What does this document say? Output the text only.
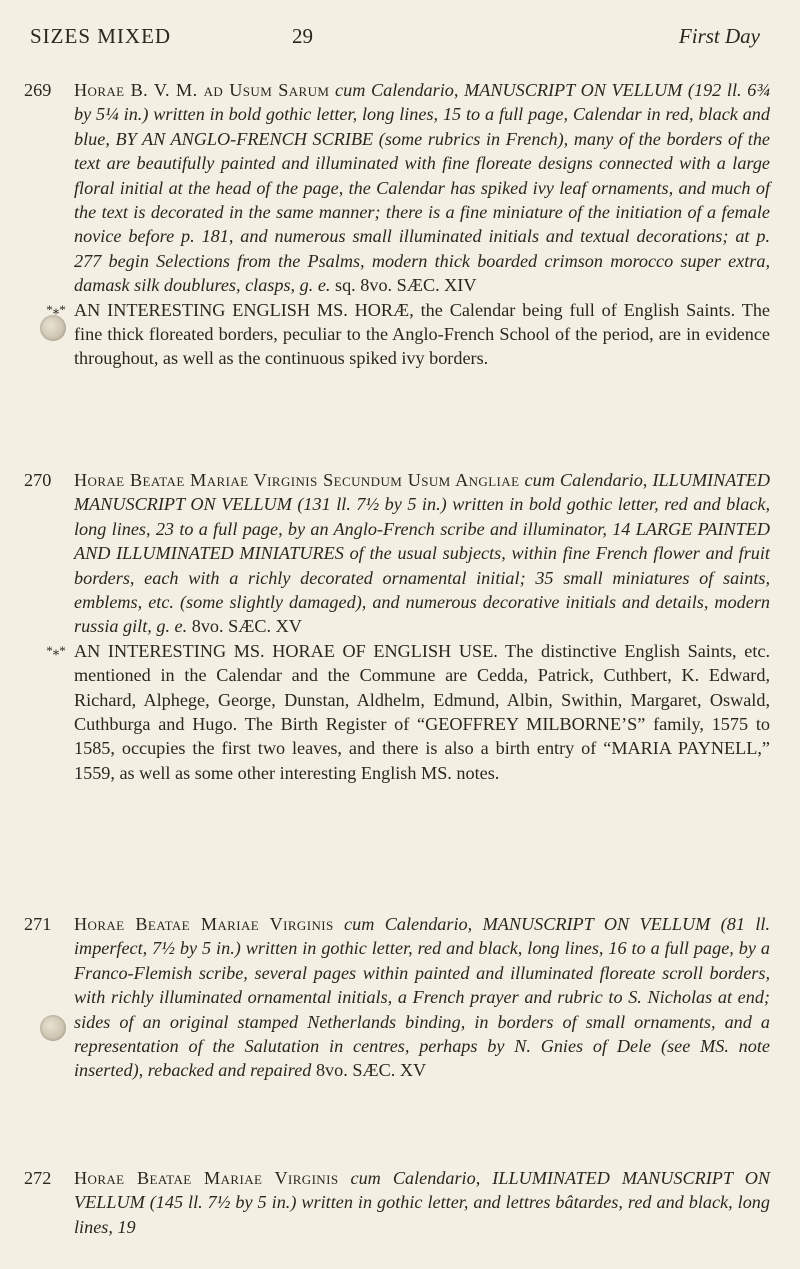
SIZES MIXED	29	First Day
269	Horae B. V. M. ad Usum Sarum cum Calendario, MANUSCRIPT ON VELLUM (192 ll. 6¾ by 5¼ in.) written in bold gothic letter, long lines, 15 to a full page, Calendar in red, black and blue, BY AN ANGLO-FRENCH SCRIBE (some rubrics in French), many of the borders of the text are beautifully painted and illuminated with fine floreate designs connected with a large floral initial at the head of the page, the Calendar has spiked ivy leaf ornaments, and much of the text is decorated in the same manner; there is a fine miniature of the initiation of a female novice before p. 181, and numerous small illuminated initials and textual decorations; at p. 277 begin Selections from the Psalms, modern thick boarded crimson morocco super extra, damask silk doublures, clasps, g. e. sq. 8vo. SÆC. XIV
*⁎* AN INTERESTING ENGLISH MS. HORÆ, the Calendar being full of English Saints. The fine thick floreated borders, peculiar to the Anglo-French School of the period, are in evidence throughout, as well as the continuous spiked ivy borders.
270	Horae Beatae Mariae Virginis Secundum Usum Angliae cum Calendario, ILLUMINATED MANUSCRIPT ON VELLUM (131 ll. 7½ by 5 in.) written in bold gothic letter, red and black, long lines, 23 to a full page, by an Anglo-French scribe and illuminator, 14 LARGE PAINTED AND ILLUMINATED MINIATURES of the usual subjects, within fine French flower and fruit borders, each with a richly decorated ornamental initial; 35 small miniatures of saints, emblems, etc. (some slightly damaged), and numerous decorative initials and details, modern russia gilt, g. e. 8vo. SÆC. XV
*⁎* AN INTERESTING MS. HORAE OF ENGLISH USE. The distinctive English Saints, etc. mentioned in the Calendar and the Commune are Cedda, Patrick, Cuthbert, K. Edward, Richard, Alphege, George, Dunstan, Aldhelm, Edmund, Albin, Swithin, Margaret, Oswald, Cuthburga and Hugo. The Birth Register of “GEOFFREY MILBORNE’S” family, 1575 to 1585, occupies the first two leaves, and there is also a birth entry of “MARIA PAYNELL,” 1559, as well as some other interesting English MS. notes.
271	Horae Beatae Mariae Virginis cum Calendario, MANUSCRIPT ON VELLUM (81 ll. imperfect, 7½ by 5 in.) written in gothic letter, red and black, long lines, 16 to a full page, by a Franco-Flemish scribe, several pages within painted and illuminated floreate scroll borders, with richly illuminated ornamental initials, a French prayer and rubric to S. Nicholas at end; sides of an original stamped Netherlands binding, in borders of small ornaments, and a representation of the Salutation in centres, perhaps by N. Gnies of Dele (see MS. note inserted), rebacked and repaired 8vo. SÆC. XV
272	Horae Beatae Mariae Virginis cum Calendario, ILLUMINATED MANUSCRIPT ON VELLUM (145 ll. 7½ by 5 in.) written in gothic letter, and lettres bâtardes, red and black, long lines, 19
